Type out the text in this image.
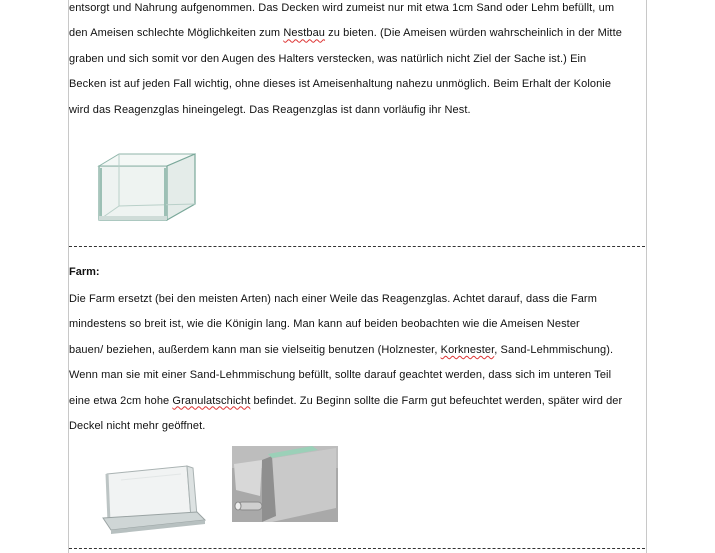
entsorgt und Nahrung aufgenommen. Das Decken wird zumeist nur mit etwa 1cm Sand oder Lehm befüllt, um
den Ameisen schlechte Möglichkeiten zum Nestbau zu bieten. (Die Ameisen würden wahrscheinlich in der Mitte
graben und sich somit vor den Augen des Halters verstecken, was natürlich nicht Ziel der Sache ist.) Ein
Becken ist auf jeden Fall wichtig, ohne dieses ist Ameisenhaltung nahezu unmöglich. Beim Erhalt der Kolonie
wird das Reagenzglas hineingelegt. Das Reagenzglas ist dann vorläufig ihr Nest.
Farm:
Die Farm ersetzt (bei den meisten Arten) nach einer Weile das Reagenzglas. Achtet darauf, dass die Farm
mindestens so breit ist, wie die Königin lang. Man kann auf beiden beobachten wie die Ameisen Nester
bauen/ beziehen, außerdem kann man sie vielseitig benutzen (Holznester, Korknester, Sand-Lehmmischung).
Wenn man sie mit einer Sand-Lehmmischung befüllt, sollte darauf geachtet werden, dass sich im unteren Teil
eine etwa 2cm hohe Granulatschicht befindet. Zu Beginn sollte die Farm gut befeuchtet werden, später wird der
Deckel nicht mehr geöffnet.
